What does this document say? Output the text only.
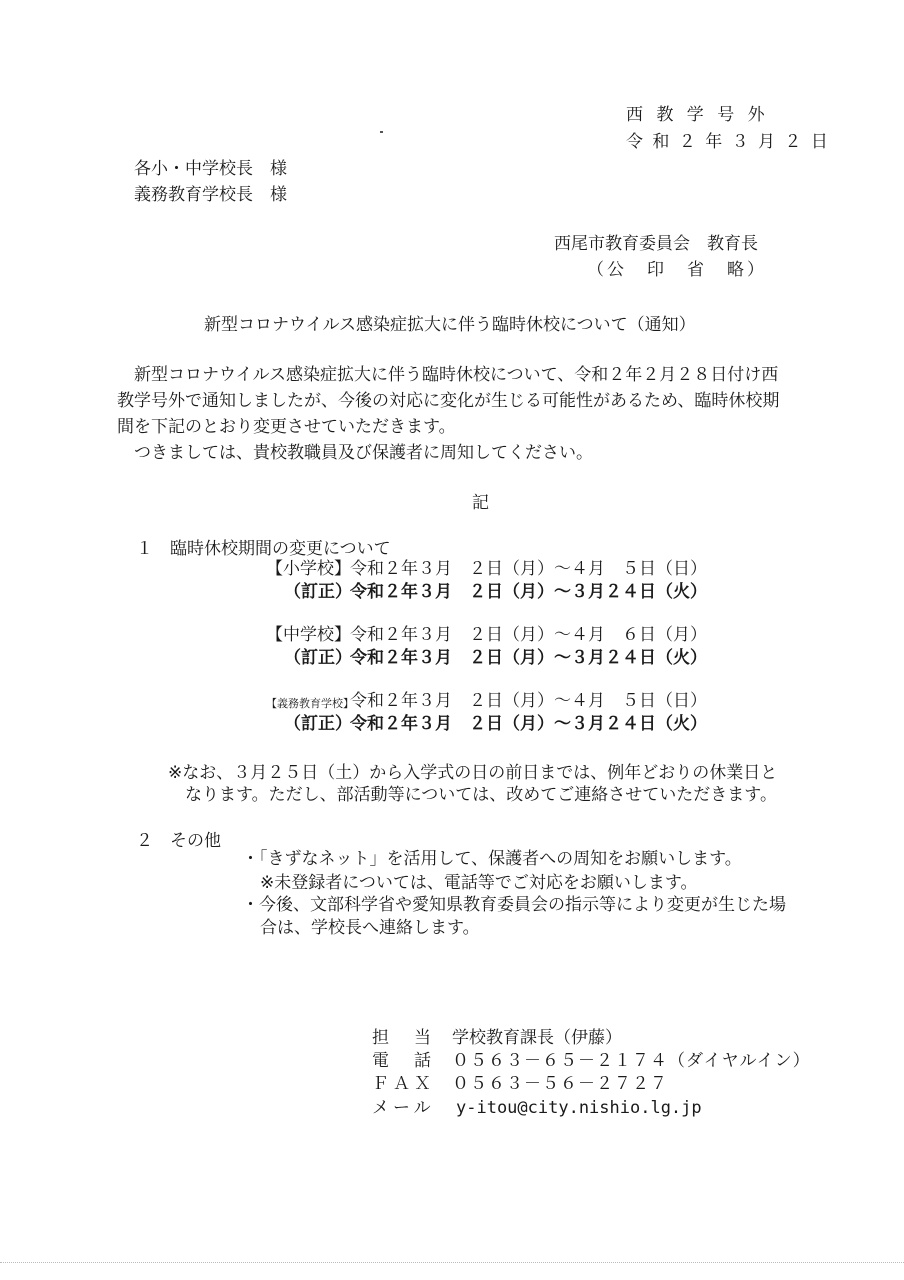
西 教 学 号 外
令 和 ２ 年 ３ 月 ２ 日
各小・中学校長　様
義務教育学校長　様
西尾市教育委員会　教育長
（公　印　省　略）
新型コロナウイルス感染症拡大に伴う臨時休校について（通知）
新型コロナウイルス感染症拡大に伴う臨時休校について、令和２年２月２８日付け西
教学号外で通知しましたが、今後の対応に変化が生じる可能性があるため、臨時休校期
間を下記のとおり変更させていただきます。
つきましては、貴校教職員及び保護者に周知してください。
記
１ 臨時休校期間の変更について
【小学校】 令和２年３月　２日（月）～４月　５日（日）
（訂正）
令和２年３月　２日（月）～３月２４日（火）
【中学校】 令和２年３月　２日（月）～４月　６日（月）
（訂正）
令和２年３月　２日（月）～３月２４日（火）
【義務教育学校】
令和２年３月　２日（月）～４月　５日（日）
（訂正）
令和２年３月　２日（月）～３月２４日（火）
※なお、３月２５日（土）から入学式の日の前日までは、例年どおりの休業日と
なります。ただし、部活動等については、改めてご連絡させていただきます。
２ その他
・「きずなネット」を活用して、保護者への周知をお願いします。
※未登録者については、電話等でご対応をお願いします。
・今後、文部科学省や愛知県教育委員会の指示等により変更が生じた場
合は、学校長へ連絡します。
担　当 学校教育課長（伊藤）
電　話 ０５６３－６５－２１７４（ダイヤルイン）
ＦＡＸ ０５６３－５６－２７２７
メール y-itou@city.nishio.lg.jp
